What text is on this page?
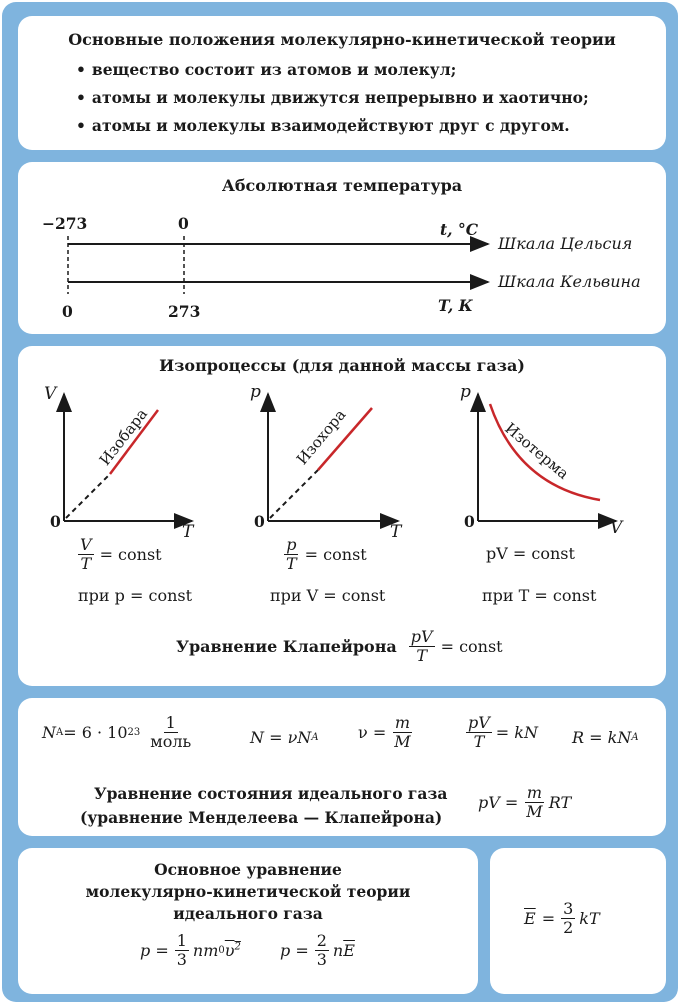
Основные положения молекулярно-кинетической теории
• вещество состоит из атомов и молекул;
• атомы и молекулы движутся непрерывно и хаотично;
• атомы и молекулы взаимодействуют друг с другом.
Абсолютная температура
−273	0	t, °C
Шкала Цельсия
Шкала Кельвина
0	273	T, К
Изопроцессы (для данной массы газа)
V
T
0
Изобара
p
T
0
Изохора
p
V
0
Изотерма
$\frac{V}{T}$ = const
при p = const
$\frac{p}{T}$ = const
при V = const
pV = const
при T = const
Уравнение Клапейрона $\frac{pV}{T}$ = const
N A = 6 · 10 $23 \frac{1}{\text{моль}}$	N = νN A $\nu = \frac{m}{M}$	$\frac{pV}{T}$ = kN R = kN A
Уравнение состояния идеального газа
(уравнение Менделеева — Клапейрона)
pV = $\frac{m}{M}$ RT
Основное уравнение
молекулярно-кинетической теории
идеального газа
$p = \frac{1}{3}$ nm 0 $\upsilon^2$ $p = \frac{2}{3}$ n $\overline{E}$
$\overline{E} = \frac{3}{2}$ kT
